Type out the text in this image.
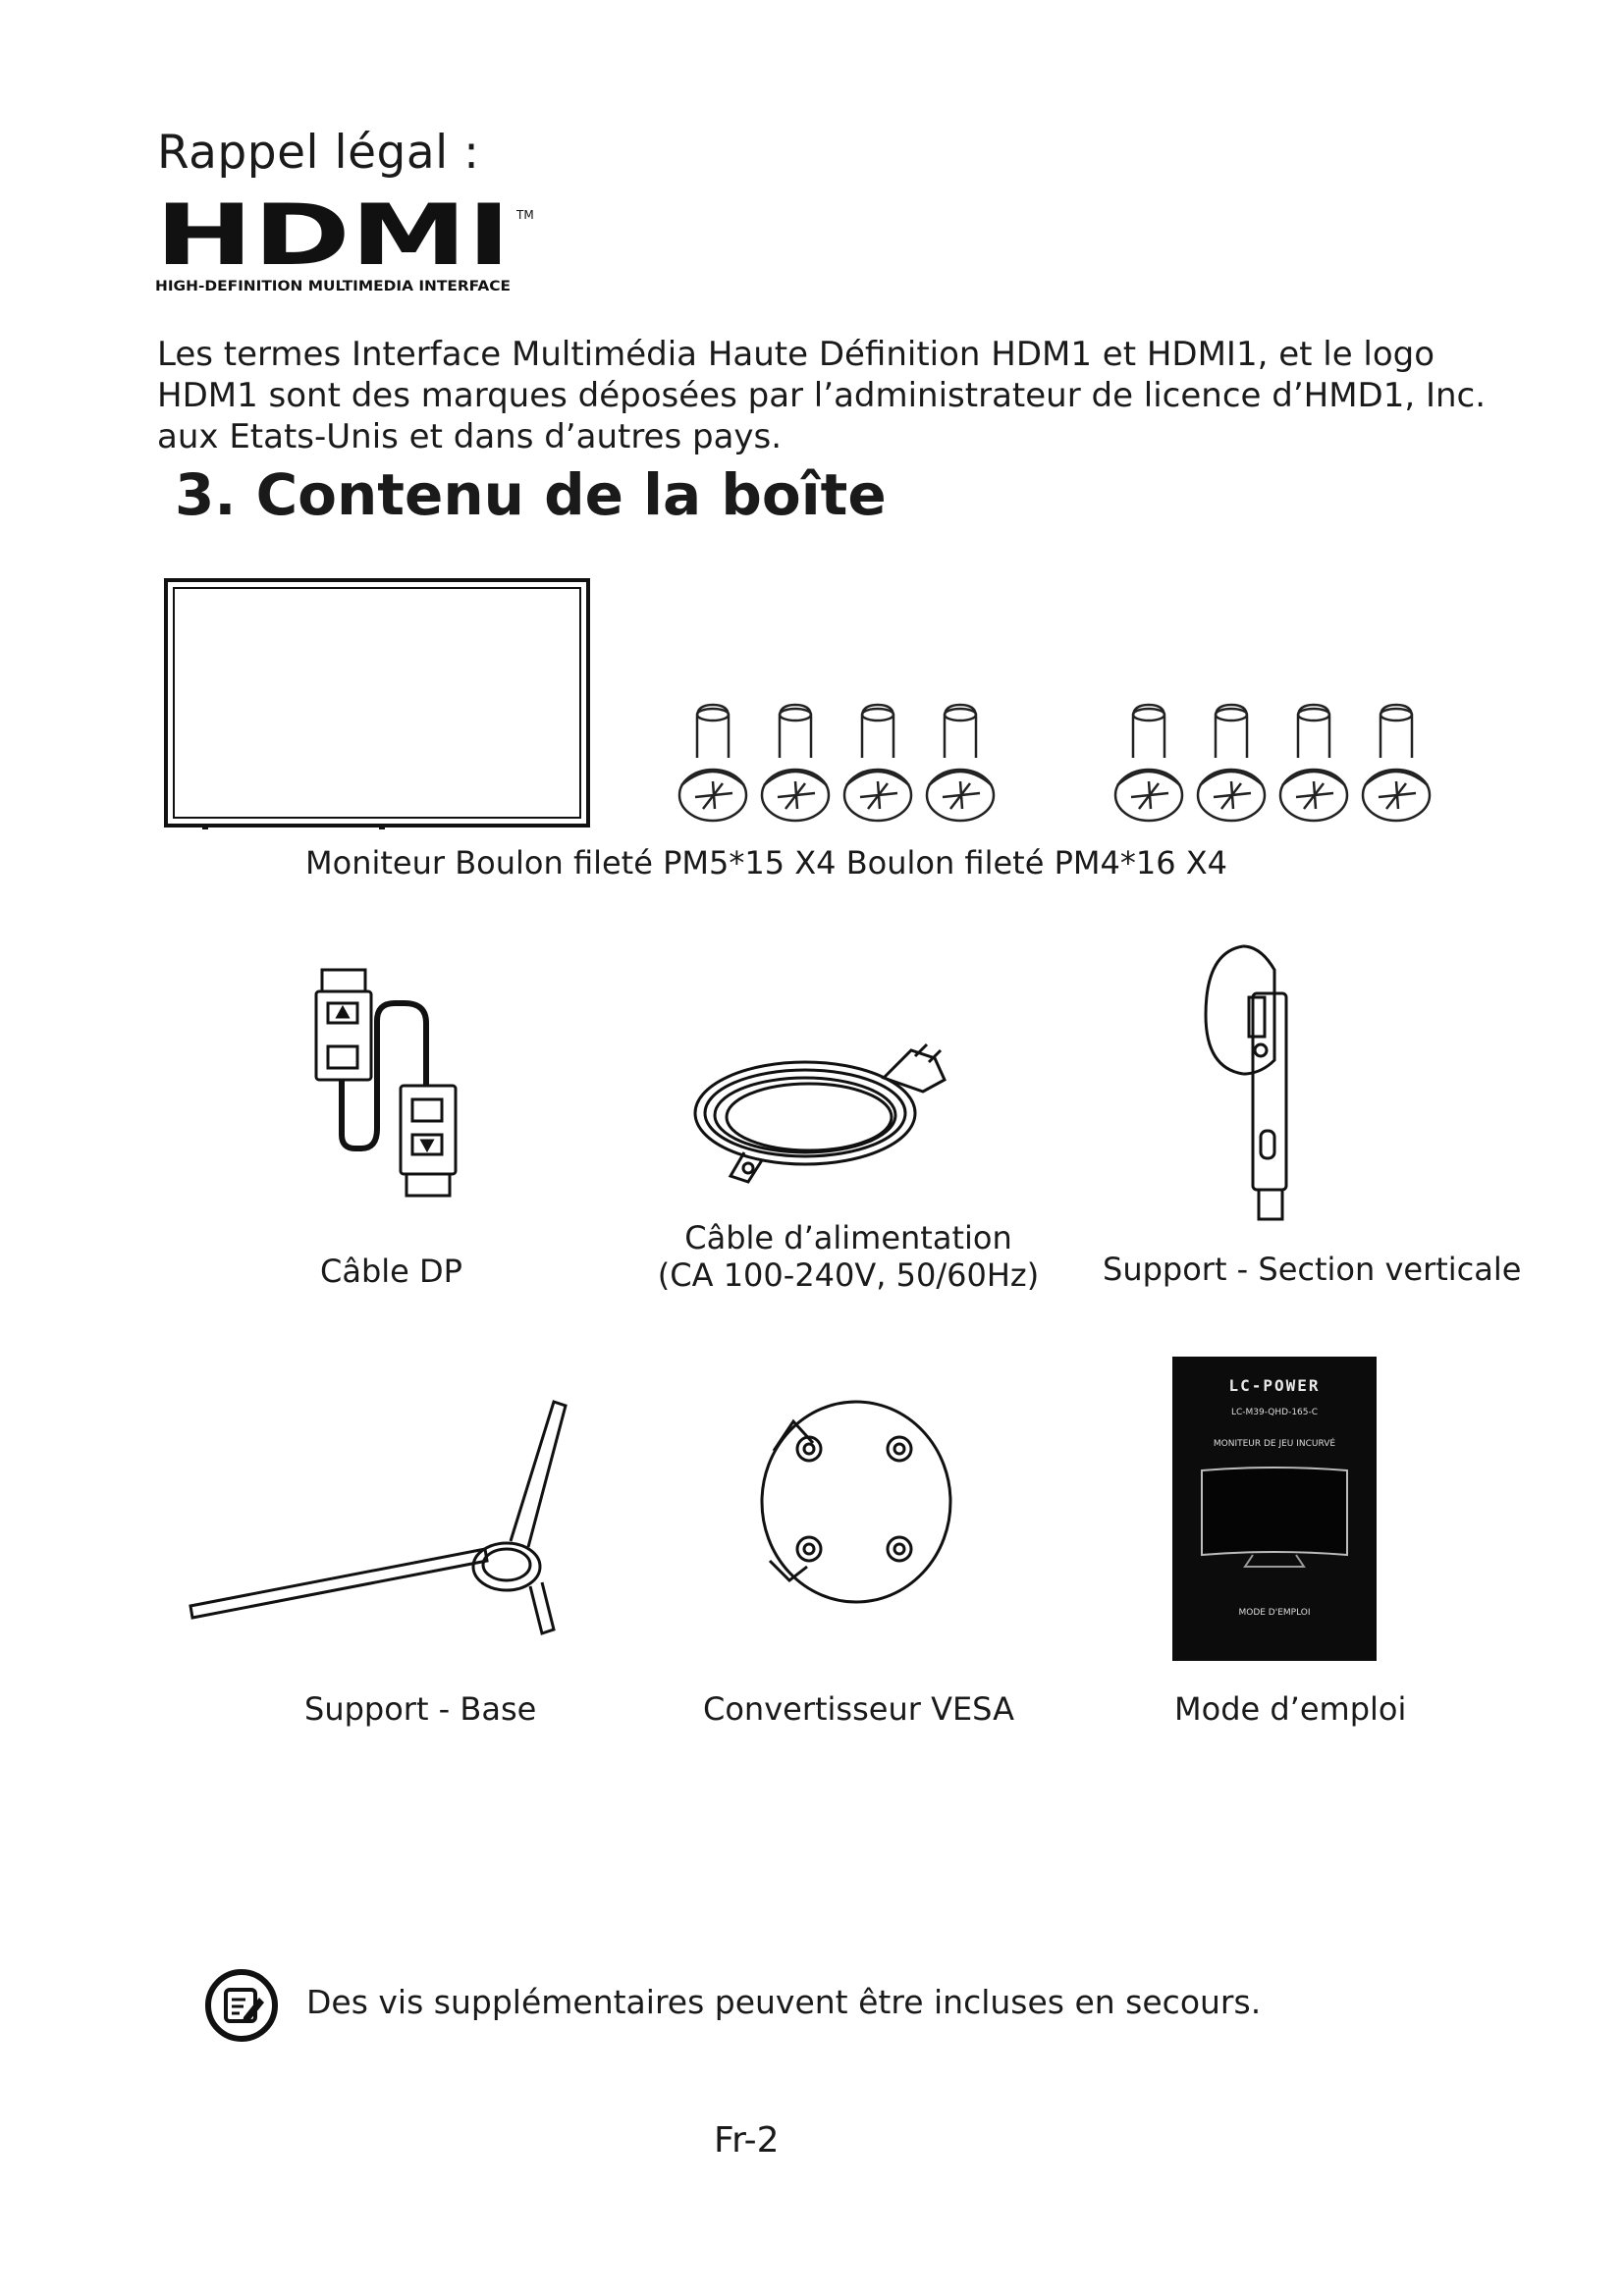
Rappel légal :
HDMI TM
HIGH-DEFINITION MULTIMEDIA INTERFACE
Les termes Interface Multimédia Haute Définition HDM1 et HDMI1, et le logo
HDM1 sont des marques déposées par l’administrateur de licence d’HMD1, Inc.
aux Etats-Unis et dans d’autres pays.
3. Contenu de la boîte
Moniteur Boulon fileté PM5*15 X4 Boulon fileté PM4*16 X4
Câble DP
Câble d’alimentation
(CA 100-240V, 50/60Hz) Support - Section verticale
LC-POWER
LC-M39-QHD-165-C
MONITEUR DE JEU INCURVÉ
MODE D'EMPLOI
Support - Base	Convertisseur VESA	Mode d’emploi
Des vis supplémentaires peuvent être incluses en secours.
Fr-2
